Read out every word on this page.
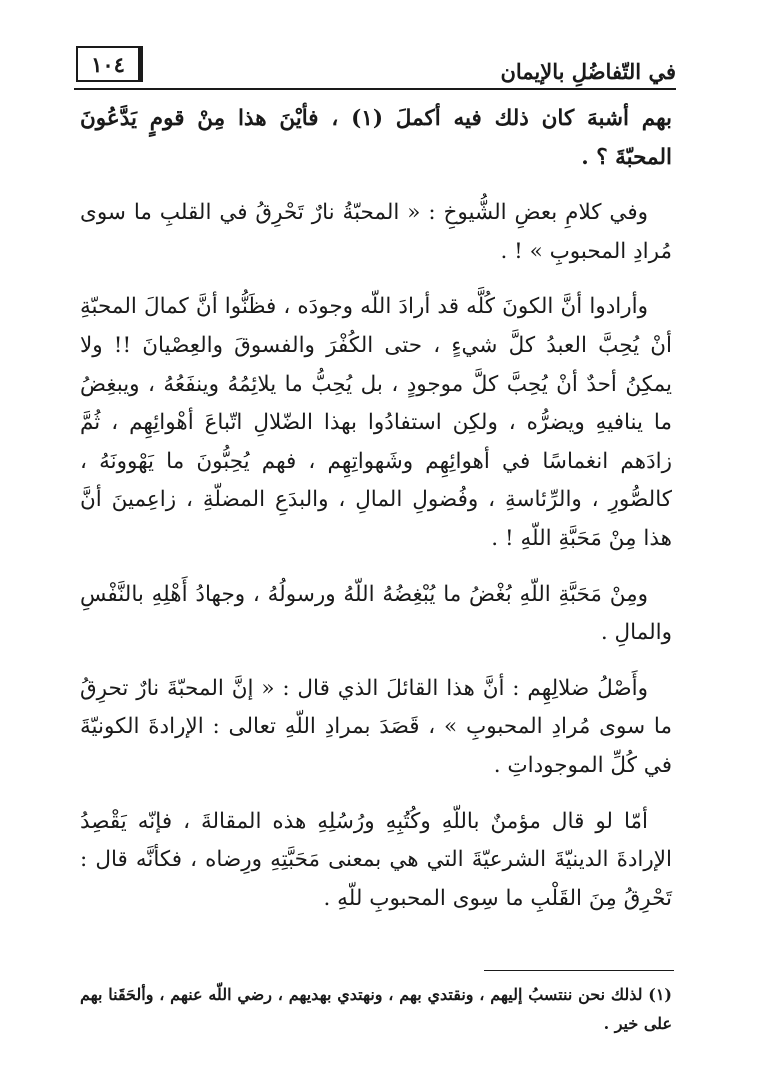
في التّفاضُلِ بالإيمان
١٠٤

بهم أشبهَ كان ذلك فيه أكملَ (١) ، فأيْنَ هذا مِنْ قومٍ يَدَّعُونَ المحبّةَ ؟ .

وفي كلامِ بعضِ الشُّيوخِ : « المحبّةُ نارٌ تَحْرِقُ في القلبِ ما سوى مُرادِ المحبوبِ » ! .

وأرادوا أنَّ الكونَ كُلَّه قد أرادَ اللّه وجودَه ، فظَنُّوا أنَّ كمالَ المحبّةِ أنْ يُحِبَّ العبدُ كلَّ شيءٍ ، حتى الكُفْرَ والفسوقَ والعِصْيانَ !! ولا يمكِنُ أحدٌ أنْ يُحِبَّ كلَّ موجودٍ ، بل يُحِبُّ ما يلائِمُهُ وينفَعُهُ ، ويبغِضُ ما ينافيهِ ويضرُّه ، ولكِن استفادُوا بهذا الضّلالِ اتّباعَ أهْوائِهِم ، ثُمَّ زادَهم انغماسًا في أهوائِهِم وشَهواتِهِم ، فهم يُحِبُّونَ ما يَهْوونَهُ ، كالصُّورِ ، والرِّئاسةِ ، وفُضولِ المالِ ، والبدَعِ المضلّةِ ، زاعِمينَ أنَّ هذا مِنْ مَحَبَّةِ اللّهِ ! .

ومِنْ مَحَبَّةِ اللّهِ بُغْضُ ما يُبْغِضُهُ اللّهُ ورسولُهُ ، وجهادُ أَهْلِهِ بالنَّفْسِ والمالِ .

وأَصْلُ ضلالِهِم : أنَّ هذا القائلَ الذي قال : « إنَّ المحبّةَ نارٌ تحرِقُ ما سوى مُرادِ المحبوبِ » ، قَصَدَ بمرادِ اللّهِ تعالى : الإرادةَ الكونيّةَ في كُلِّ الموجوداتِ .

أمّا لو قال مؤمنٌ باللّهِ وكُتُبِهِ ورُسُلِهِ هذه المقالةَ ، فإنّه يَقْصِدُ الإرادةَ الدينيّةَ الشرعيّةَ التي هي بمعنى مَحَبَّتِهِ ورِضاه ، فكأنَّه قال : تَحْرِقُ مِنَ القَلْبِ ما سِوى المحبوبِ للّهِ .

(١) لذلك نحن ننتسبُ إليهم ، ونقتدي بهم ، ونهتدي بهديهم ، رضي اللّه عنهم ، وألحَقَنا بهم على خير .
